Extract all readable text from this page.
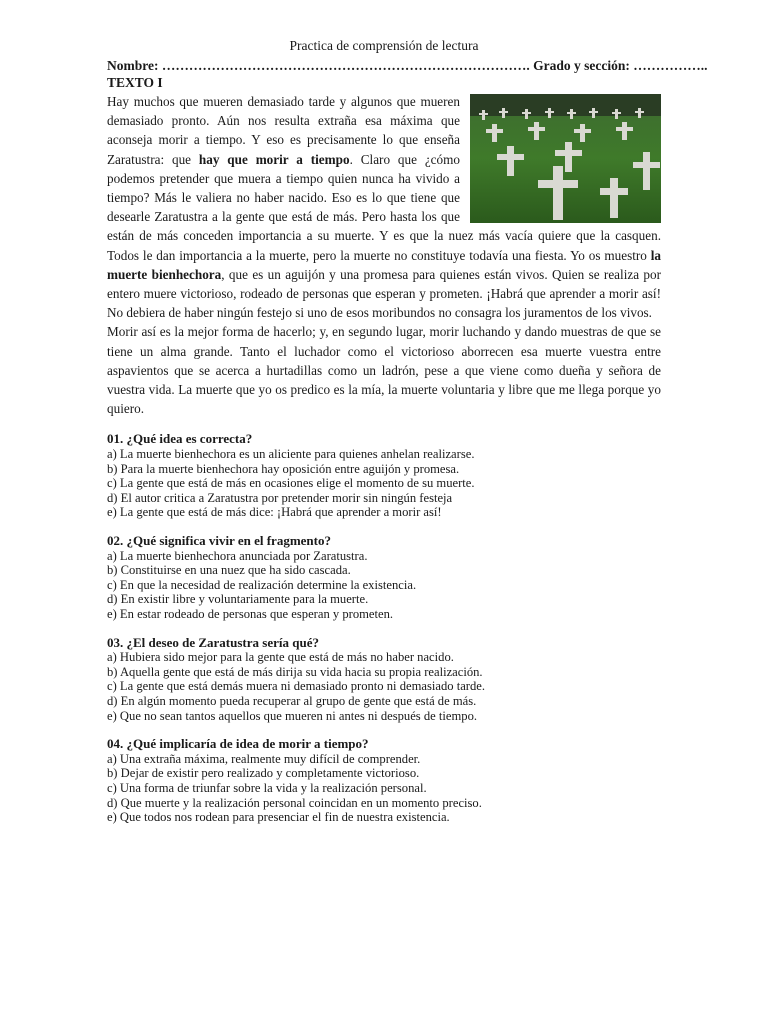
Practica de comprensión de lectura
Nombre: ………………………………………………………………………. Grado y sección: ……………..
TEXTO I

Hay muchos que mueren demasiado tarde y algunos que mueren demasiado pronto. Aún nos resulta extraña esa máxima que aconseja morir a tiempo. Y eso es precisamente lo que enseña Zaratustra: que hay que morir a tiempo. Claro que ¿cómo podemos pretender que muera a tiempo quien nunca ha vivido a tiempo? Más le valiera no haber nacido. Eso es lo que tiene que desearle Zaratustra a la gente que está de más. Pero hasta los que están de más conceden importancia a su muerte. Y es que la nuez más vacía quiere que la casquen. Todos le dan importancia a la muerte, pero la muerte no constituye todavía una fiesta. Yo os muestro la muerte bienhechora, que es un aguijón y una promesa para quienes están vivos. Quien se realiza por entero muere victorioso, rodeado de personas que esperan y prometen. ¡Habrá que aprender a morir así! No debiera de haber ningún festejo si uno de esos moribundos no consagra los juramentos de los vivos.

Morir así es la mejor forma de hacerlo; y, en segundo lugar, morir luchando y dando muestras de que se tiene un alma grande. Tanto el luchador como el victorioso aborrecen esa muerte vuestra entre aspavientos que se acerca a hurtadillas como un ladrón, pese a que viene como dueña y señora de vuestra vida. La muerte que yo os predico es la mía, la muerte voluntaria y libre que me llega porque yo quiero.

01. ¿Qué idea es correcta?
a) La muerte bienhechora es un aliciente para quienes anhelan realizarse.
b) Para la muerte bienhechora hay oposición entre aguijón y promesa.
c) La gente que está de más en ocasiones elige el momento de su muerte.
d) El autor critica a Zaratustra por pretender morir sin ningún festeja
e) La gente que está de más dice: ¡Habrá que aprender a morir así!
02. ¿Qué significa vivir en el fragmento?
a) La muerte bienhechora anunciada por Zaratustra.
b) Constituirse en una nuez que ha sido cascada.
c) En que la necesidad de realización determine la existencia.
d) En existir libre y voluntariamente para la muerte.
e) En estar rodeado de personas que esperan y prometen.
03. ¿El deseo de Zaratustra sería qué?
a) Hubiera sido mejor para la gente que está de más no haber nacido.
b) Aquella gente que está de más dirija su vida hacia su propia realización.
c) La gente que está demás muera ni demasiado pronto ni demasiado tarde.
d) En algún momento pueda recuperar al grupo de gente que está de más.
e) Que no sean tantos aquellos que mueren ni antes ni después de tiempo.
04. ¿Qué implicaría de idea de morir a tiempo?
a) Una extraña máxima, realmente muy difícil de comprender.
b) Dejar de existir pero realizado y completamente victorioso.
c) Una forma de triunfar sobre la vida y la realización personal.
d) Que muerte y la realización personal coincidan en un momento preciso.
e) Que todos nos rodean para presenciar el fin de nuestra existencia.
